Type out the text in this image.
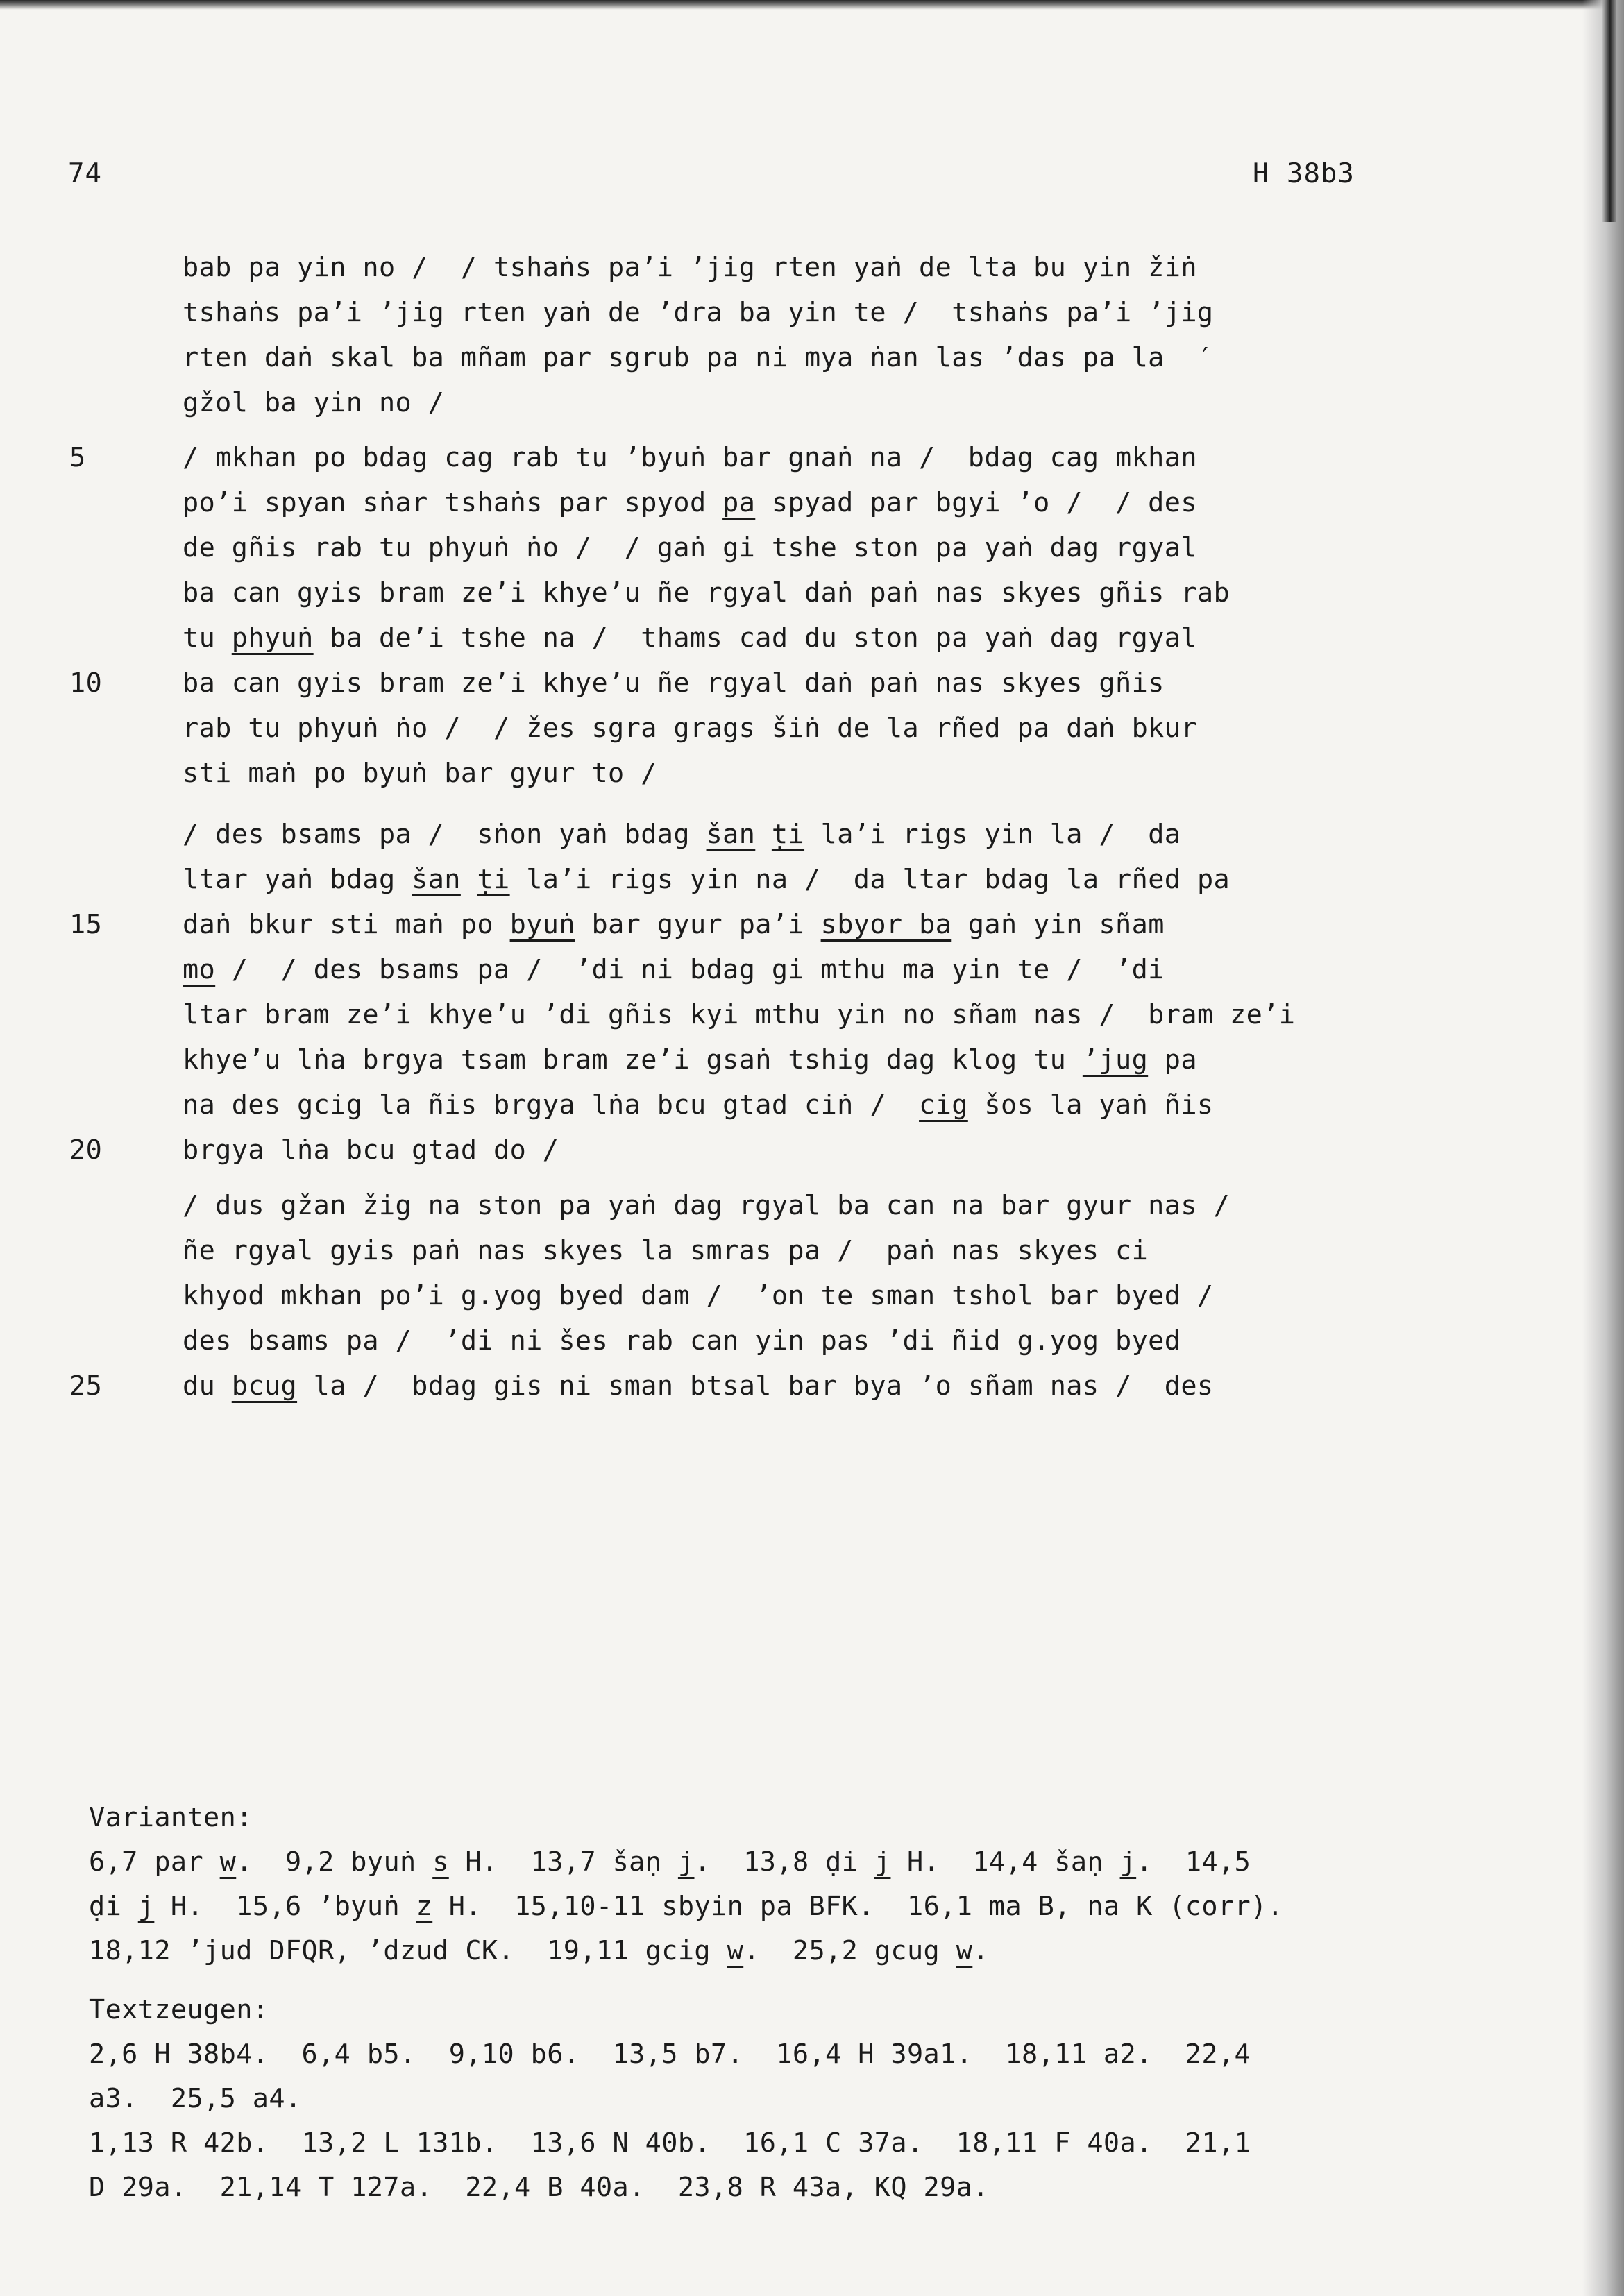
74	H 38b3
bab pa yin no /  / tshaṅs pa’i ’jig rten yaṅ de lta bu yin žiṅ
tshaṅs pa’i ’jig rten yaṅ de ’dra ba yin te /  tshaṅs pa’i ’jig
rten daṅ skal ba mñam par sgrub pa ni mya ṅan las ’das pa la  ′
gžol ba yin no /
5	/ mkhan po bdag cag rab tu ’byuṅ bar gnaṅ na /  bdag cag mkhan
po’i spyan sṅar tshaṅs par spyod pa spyad par bgyi ’o /  / des
de gñis rab tu phyuṅ ṅo /  / gaṅ gi tshe ston pa yaṅ dag rgyal
ba can gyis bram ze’i khye’u ñe rgyal daṅ paṅ nas skyes gñis rab
tu phyuṅ ba de’i tshe na /  thams cad du ston pa yaṅ dag rgyal
10	ba can gyis bram ze’i khye’u ñe rgyal daṅ paṅ nas skyes gñis
rab tu phyuṅ ṅo /  / žes sgra grags šiṅ de la rñed pa daṅ bkur
sti maṅ po byuṅ bar gyur to /
/ des bsams pa /  sṅon yaṅ bdag šan ṭi la’i rigs yin la /  da
ltar yaṅ bdag šan ṭi la’i rigs yin na /  da ltar bdag la rñed pa
15	daṅ bkur sti maṅ po byuṅ bar gyur pa’i sbyor ba gaṅ yin sñam
mo /  / des bsams pa /  ’di ni bdag gi mthu ma yin te /  ’di
ltar bram ze’i khye’u ’di gñis kyi mthu yin no sñam nas /  bram ze’i
khye’u lṅa brgya tsam bram ze’i gsaṅ tshig dag klog tu ’jug pa
na des gcig la ñis brgya lṅa bcu gtad ciṅ /  cig šos la yaṅ ñis
20	brgya lṅa bcu gtad do /
/ dus gžan žig na ston pa yaṅ dag rgyal ba can na bar gyur nas /
ñe rgyal gyis paṅ nas skyes la smras pa /  paṅ nas skyes ci
khyod mkhan po’i g.yog byed dam /  ’on te sman tshol bar byed /
des bsams pa /  ’di ni šes rab can yin pas ’di ñid g.yog byed
25	du bcug la /  bdag gis ni sman btsal bar bya ’o sñam nas /  des
Varianten:
6,7 par w.  9,2 byuṅ s H.  13,7 šaṇ j.  13,8 ḍi j H.  14,4 šaṇ j.  14,5
ḍi j H.  15,6 ’byuṅ z H.  15,10-11 sbyin pa BFK.  16,1 ma B, na K (corr).
18,12 ’jud DFQR, ’dzud CK.  19,11 gcig w.  25,2 gcug w.
Textzeugen:
2,6 H 38b4.  6,4 b5.  9,10 b6.  13,5 b7.  16,4 H 39a1.  18,11 a2.  22,4
a3.  25,5 a4.
1,13 R 42b.  13,2 L 131b.  13,6 N 40b.  16,1 C 37a.  18,11 F 40a.  21,1
D 29a.  21,14 T 127a.  22,4 B 40a.  23,8 R 43a, KQ 29a.
